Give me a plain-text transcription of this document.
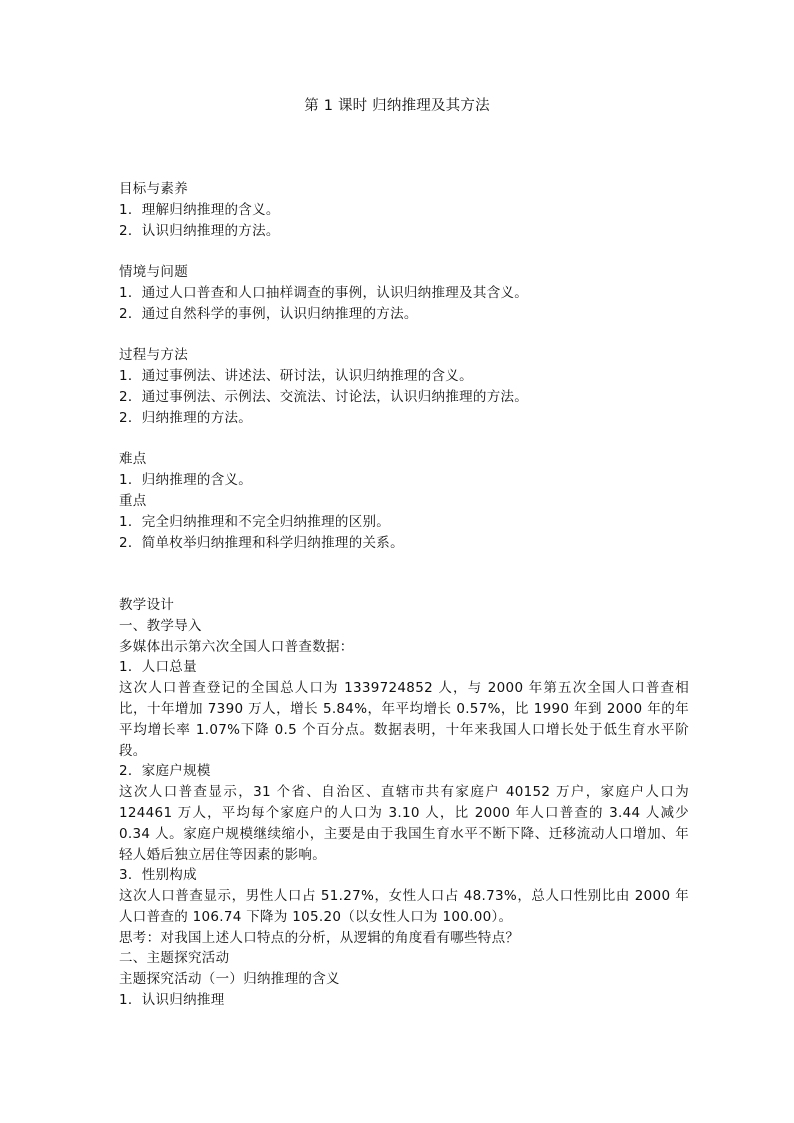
第 1 课时 归纳推理及其方法

目标与素养

1．理解归纳推理的含义。

2．认识归纳推理的方法。

情境与问题

1．通过人口普查和人口抽样调查的事例，认识归纳推理及其含义。

2．通过自然科学的事例，认识归纳推理的方法。

过程与方法

1．通过事例法、讲述法、研讨法，认识归纳推理的含义。

2．通过事例法、示例法、交流法、讨论法，认识归纳推理的方法。

2．归纳推理的方法。

难点

1．归纳推理的含义。

重点

1．完全归纳推理和不完全归纳推理的区别。

2．简单枚举归纳推理和科学归纳推理的关系。

教学设计

一、教学导入

多媒体出示第六次全国人口普查数据：

1．人口总量

这次人口普查登记的全国总人口为 1339724852 人，与 2000 年第五次全国人口普查相比，十年增加 7390 万人，增长 5.84%，年平均增长 0.57%，比 1990 年到 2000 年的年平均增长率 1.07%下降 0.5 个百分点。数据表明，十年来我国人口增长处于低生育水平阶段。

2．家庭户规模

这次人口普查显示，31 个省、自治区、直辖市共有家庭户 40152 万户，家庭户人口为 124461 万人，平均每个家庭户的人口为 3.10 人，比 2000 年人口普查的 3.44 人减少 0.34 人。家庭户规模继续缩小，主要是由于我国生育水平不断下降、迁移流动人口增加、年轻人婚后独立居住等因素的影响。

3．性别构成

这次人口普查显示，男性人口占 51.27%，女性人口占 48.73%，总人口性别比由 2000 年人口普查的 106.74 下降为 105.20（以女性人口为 100.00）。

思考：对我国上述人口特点的分析，从逻辑的角度看有哪些特点？

二、主题探究活动

主题探究活动（一）归纳推理的含义

1．认识归纳推理
